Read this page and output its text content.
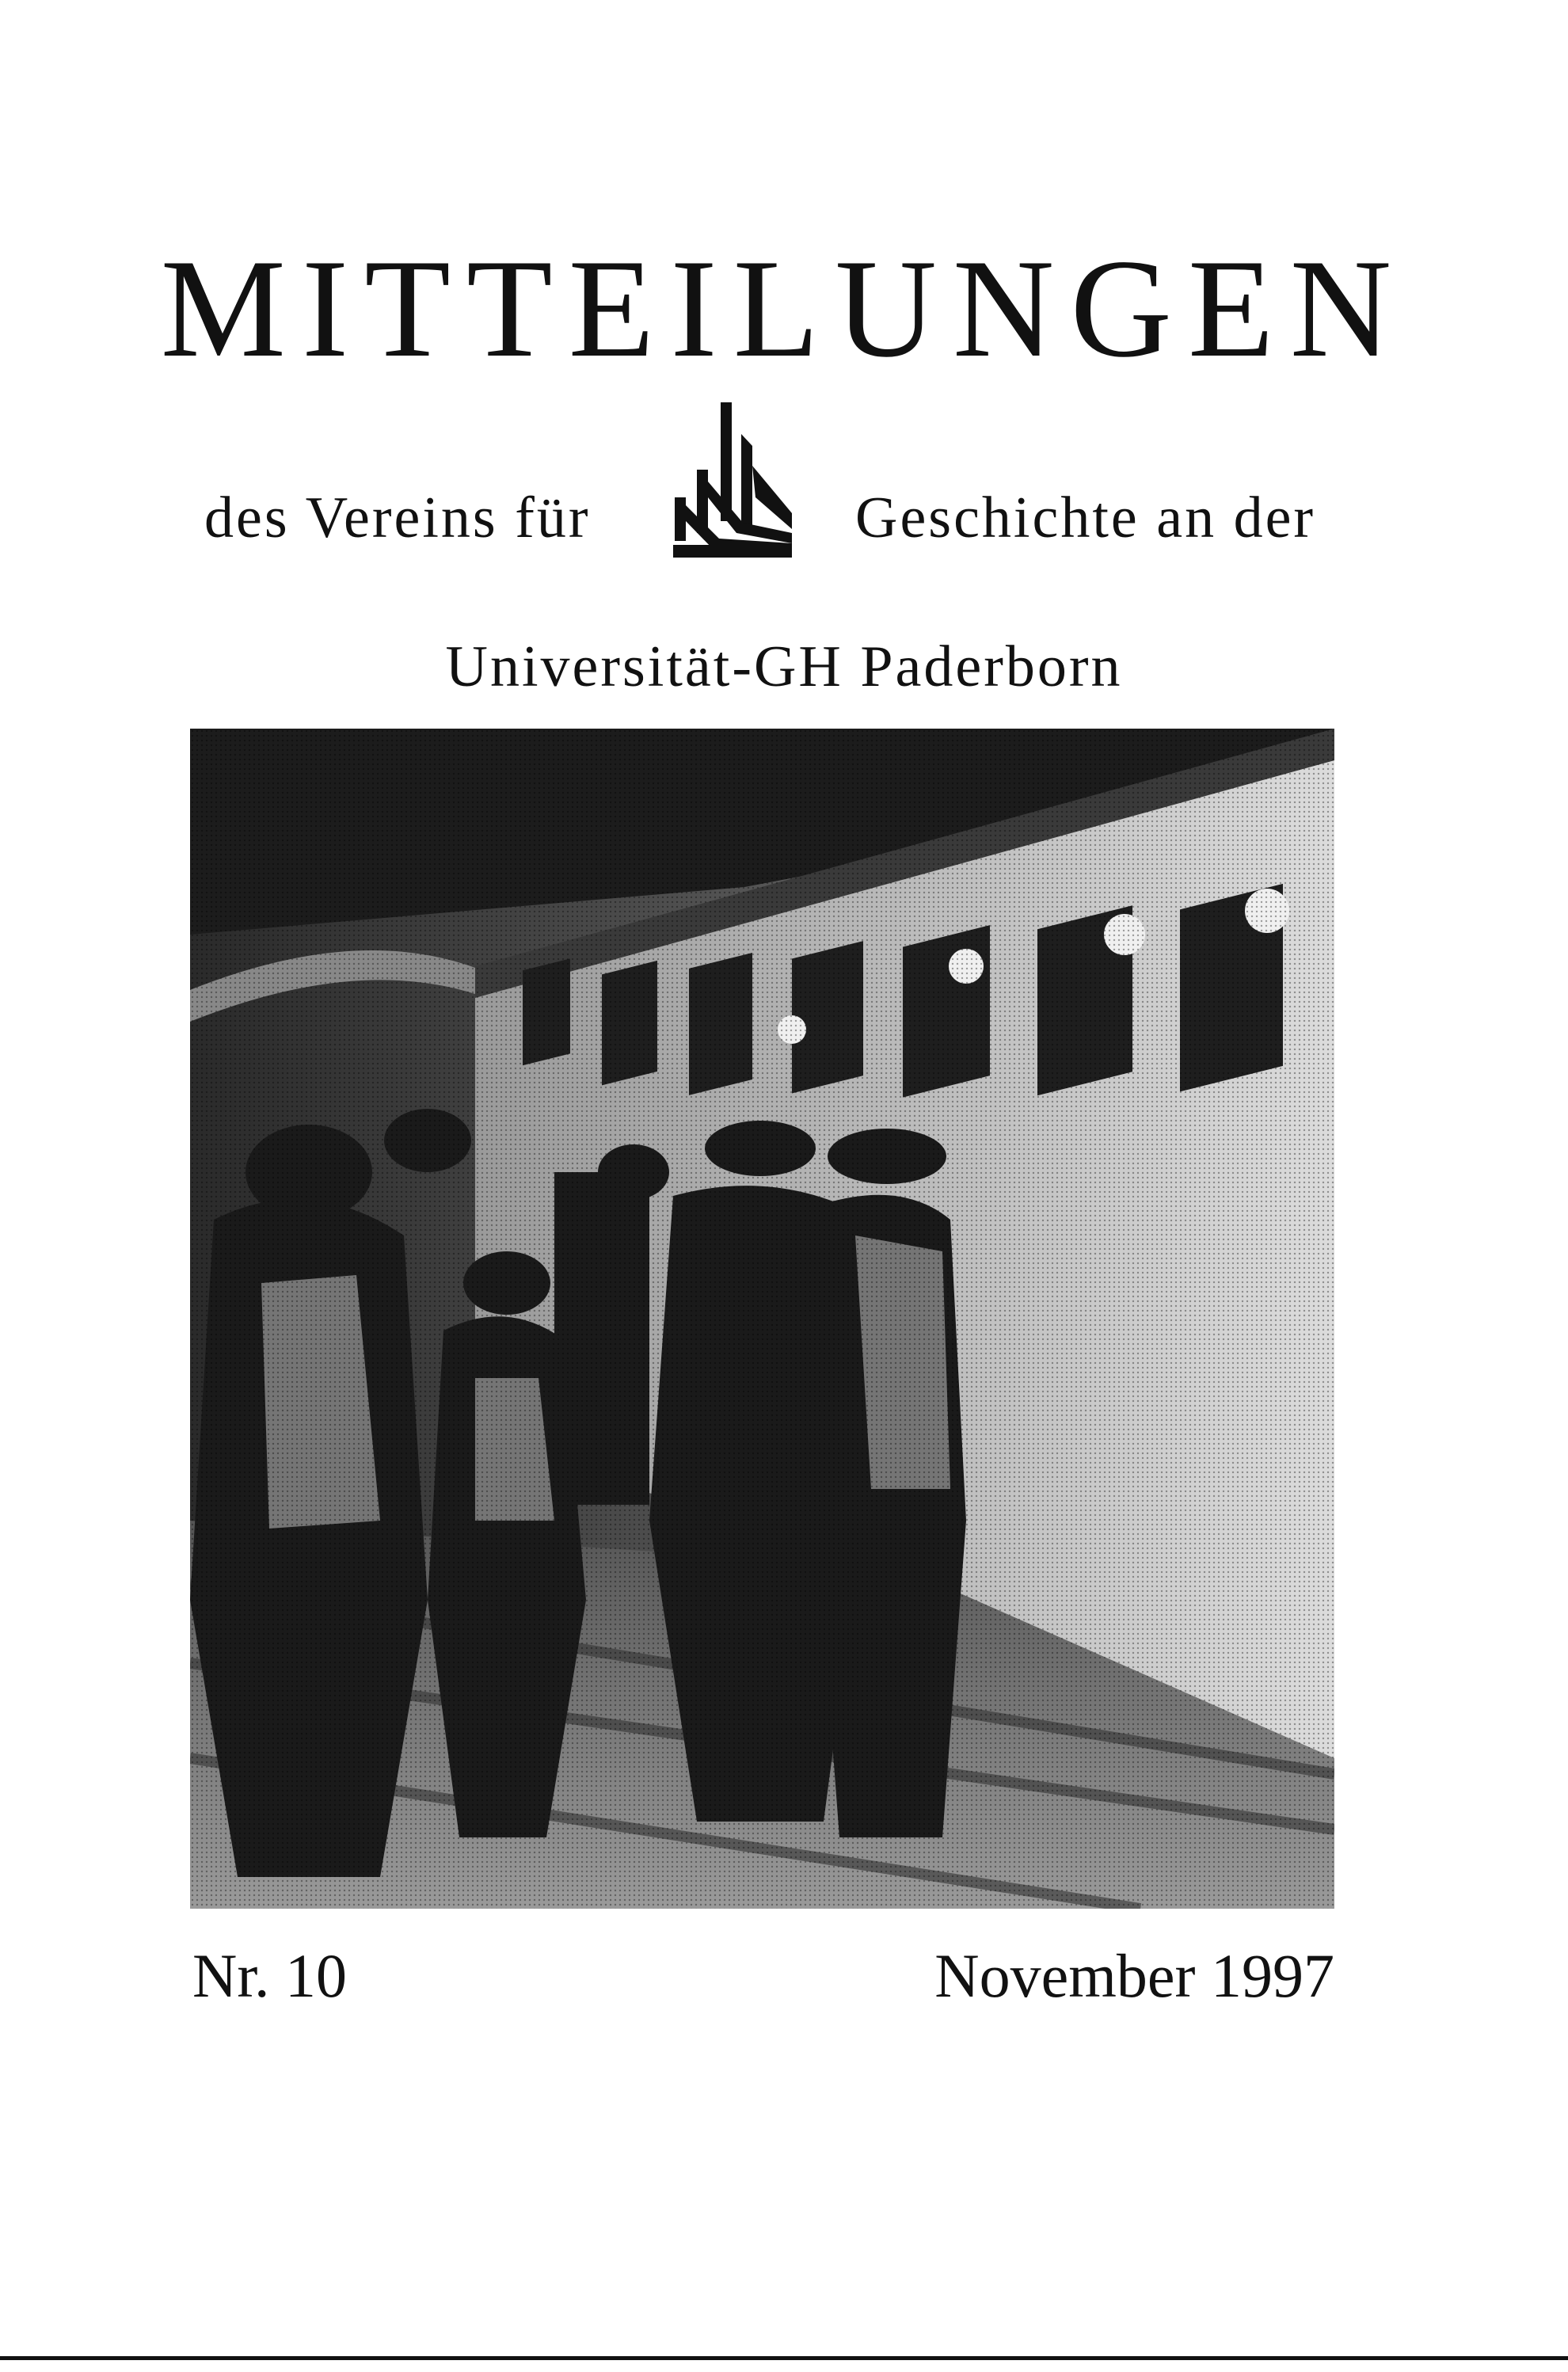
MITTEILUNGEN
des Vereins für	Geschichte an der
Universität-GH Paderborn
Nr. 10	November 1997
